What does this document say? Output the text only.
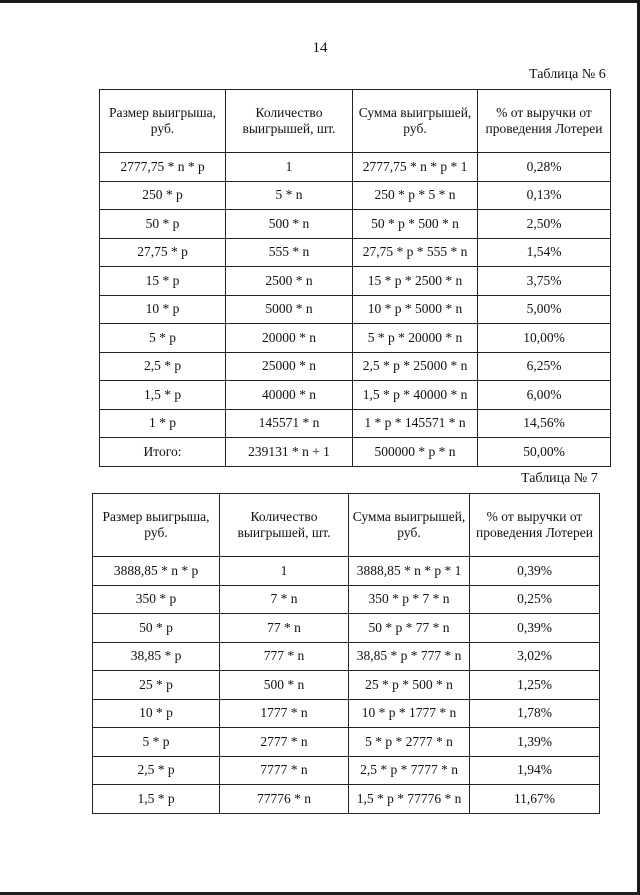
14
Таблица № 6
Размер выигрыша, руб.	Количество выигрышей, шт.	Сумма выигрышей, руб.	% от выручки от проведения Лотереи
2777,75 * n * p	1	2777,75 * n * p * 1	0,28%
250 * p	5 * n	250 * p * 5 * n	0,13%
50 * p	500 * n	50 * p * 500 * n	2,50%
27,75 * p	555 * n	27,75 * p * 555 * n	1,54%
15 * p	2500 * n	15 * p * 2500 * n	3,75%
10 * p	5000 * n	10 * p * 5000 * n	5,00%
5 * p	20000 * n	5 * p * 20000 * n	10,00%
2,5 * p	25000 * n	2,5 * p * 25000 * n	6,25%
1,5 * p	40000 * n	1,5 * p * 40000 * n	6,00%
1 * p	145571 * n	1 * p * 145571 * n	14,56%
Итого:	239131 * n + 1	500000 * p * n	50,00%
Таблица № 7
Размер выигрыша, руб.	Количество выигрышей, шт.	Сумма выигрышей, руб.	% от выручки от проведения Лотереи
3888,85 * n * p	1	3888,85 * n * p * 1	0,39%
350 * p	7 * n	350 * p * 7 * n	0,25%
50 * p	77 * n	50 * p * 77 * n	0,39%
38,85 * p	777 * n	38,85 * p * 777 * n	3,02%
25 * p	500 * n	25 * p * 500 * n	1,25%
10 * p	1777 * n	10 * p * 1777 * n	1,78%
5 * p	2777 * n	5 * p * 2777 * n	1,39%
2,5 * p	7777 * n	2,5 * p * 7777 * n	1,94%
1,5 * p	77776 * n	1,5 * p * 77776 * n	11,67%
